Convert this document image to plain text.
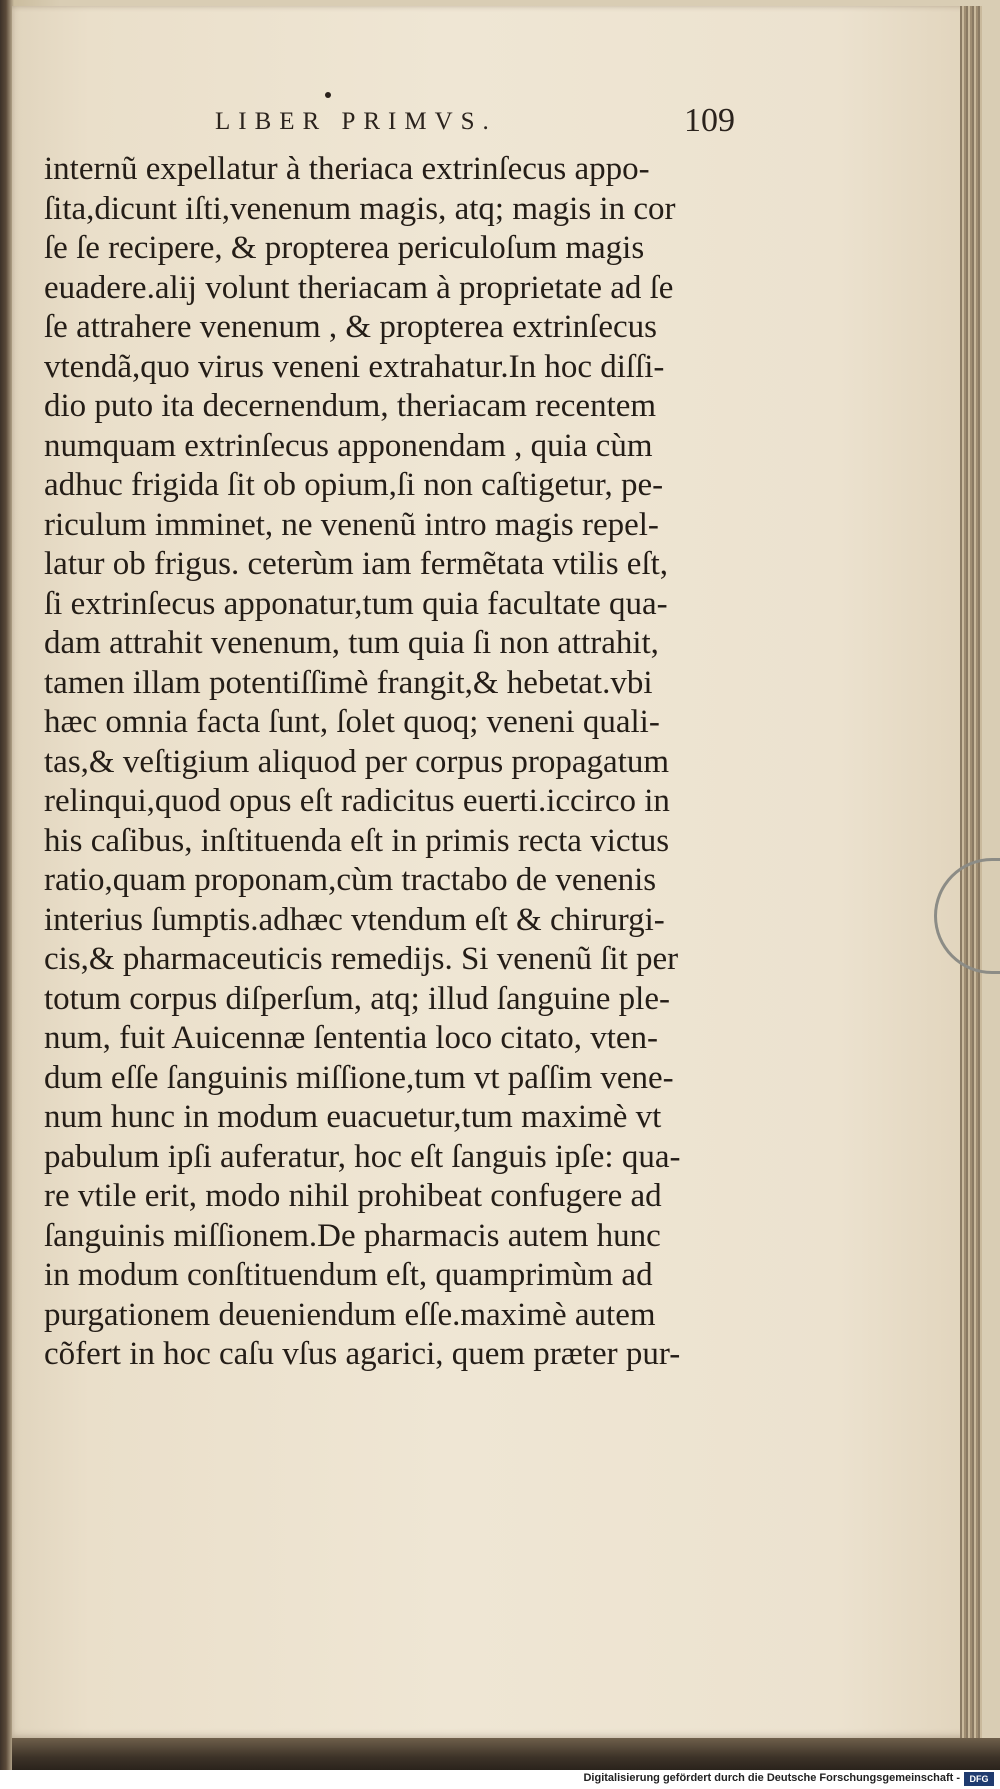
LIBER PRIMVS.	109
internũ expellatur à theriaca extrinſecus appo-
ſita,dicunt iſti,venenum magis, atq; magis in cor
ſe ſe recipere, & propterea periculoſum magis
euadere.alij volunt theriacam à proprietate ad ſe
ſe attrahere venenum , & propterea extrinſecus
vtendã,quo virus veneni extrahatur.In hoc diſſi-
dio puto ita decernendum, theriacam recentem
numquam extrinſecus apponendam , quia cùm
adhuc frigida ſit ob opium,ſi non caſtigetur, pe-
riculum imminet, ne venenũ intro magis repel-
latur ob frigus. ceterùm iam fermẽtata vtilis eſt,
ſi extrinſecus apponatur,tum quia facultate qua-
dam attrahit venenum, tum quia ſi non attrahit,
tamen illam potentiſſimè frangit,& hebetat.vbi
hæc omnia facta ſunt, ſolet quoq; veneni quali-
tas,& veſtigium aliquod per corpus propagatum
relinqui,quod opus eſt radicitus euerti.iccirco in
his caſibus, inſtituenda eſt in primis recta victus
ratio,quam proponam,cùm tractabo de venenis
interius ſumptis.adhæc vtendum eſt & chirurgi-
cis,& pharmaceuticis remedijs. Si venenũ ſit per
totum corpus diſperſum, atq; illud ſanguine ple-
num, fuit Auicennæ ſententia loco citato, vten-
dum eſſe ſanguinis miſſione,tum vt paſſim vene-
num hunc in modum euacuetur,tum maximè vt
pabulum ipſi auferatur, hoc eſt ſanguis ipſe: qua-
re vtile erit, modo nihil prohibeat confugere ad
ſanguinis miſſionem.De pharmacis autem hunc
in modum conſtituendum eſt, quamprimùm ad
purgationem deueniendum eſſe.maximè autem
cõfert in hoc caſu vſus agarici, quem præter pur-
Digitalisierung gefördert durch die Deutsche Forschungsgemeinschaft -	DFG
